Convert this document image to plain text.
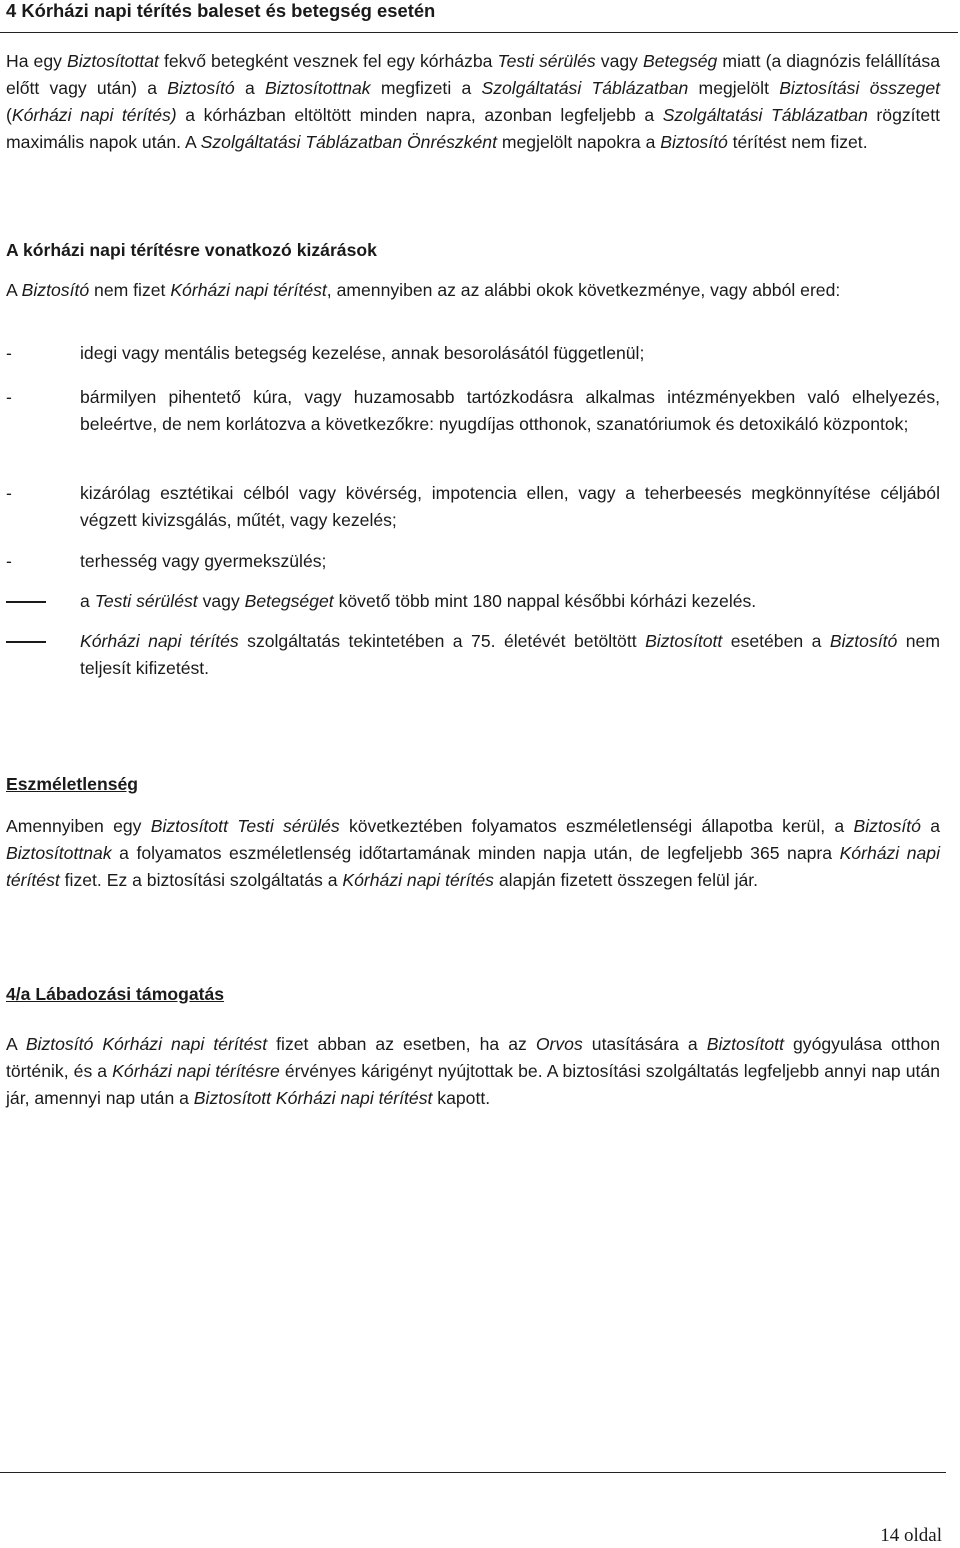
4 Kórházi napi térítés baleset és betegség esetén

Ha egy Biztosítottat fekvő betegként vesznek fel egy kórházba Testi sérülés vagy Betegség miatt (a diagnózis felállítása előtt vagy után) a Biztosító a Biztosítottnak megfizeti a Szolgáltatási Táblázatban megjelölt Biztosítási összeget (Kórházi napi térítés) a kórházban eltöltött minden napra, azonban legfeljebb a Szolgáltatási Táblázatban rögzített maximális napok után. A Szolgáltatási Táblázatban Önrészként megjelölt napokra a Biztosító térítést nem fizet.

A kórházi napi térítésre vonatkozó kizárások

A Biztosító nem fizet Kórházi napi térítést, amennyiben az az alábbi okok következménye, vagy abból ered:

-	idegi vagy mentális betegség kezelése, annak besorolásától függetlenül;
-	bármilyen pihentető kúra, vagy huzamosabb tartózkodásra alkalmas intézményekben való elhelyezés, beleértve, de nem korlátozva a következőkre: nyugdíjas otthonok, szanatóriumok és detoxikáló központok;
-	kizárólag esztétikai célból vagy kövérség, impotencia ellen, vagy a teherbeesés megkönnyítése céljából végzett kivizsgálás, műtét, vagy kezelés;
-	terhesség vagy gyermekszülés;
a Testi sérülést vagy Betegséget követő több mint 180 nappal későbbi kórházi kezelés.
Kórházi napi térítés szolgáltatás tekintetében a 75. életévét betöltött Biztosított esetében a Biztosító nem teljesít kifizetést.
Eszméletlenség

Amennyiben egy Biztosított Testi sérülés következtében folyamatos eszméletlenségi állapotba kerül, a Biztosító a Biztosítottnak a folyamatos eszméletlenség időtartamának minden napja után, de legfeljebb 365 napra Kórházi napi térítést fizet. Ez a biztosítási szolgáltatás a Kórházi napi térítés alapján fizetett összegen felül jár.

4/a Lábadozási támogatás

A Biztosító Kórházi napi térítést fizet abban az esetben, ha az Orvos utasítására a Biztosított gyógyulása otthon történik, és a Kórházi napi térítésre érvényes kárigényt nyújtottak be. A biztosítási szolgáltatás legfeljebb annyi nap után jár, amennyi nap után a Biztosított Kórházi napi térítést kapott.

14 oldal
